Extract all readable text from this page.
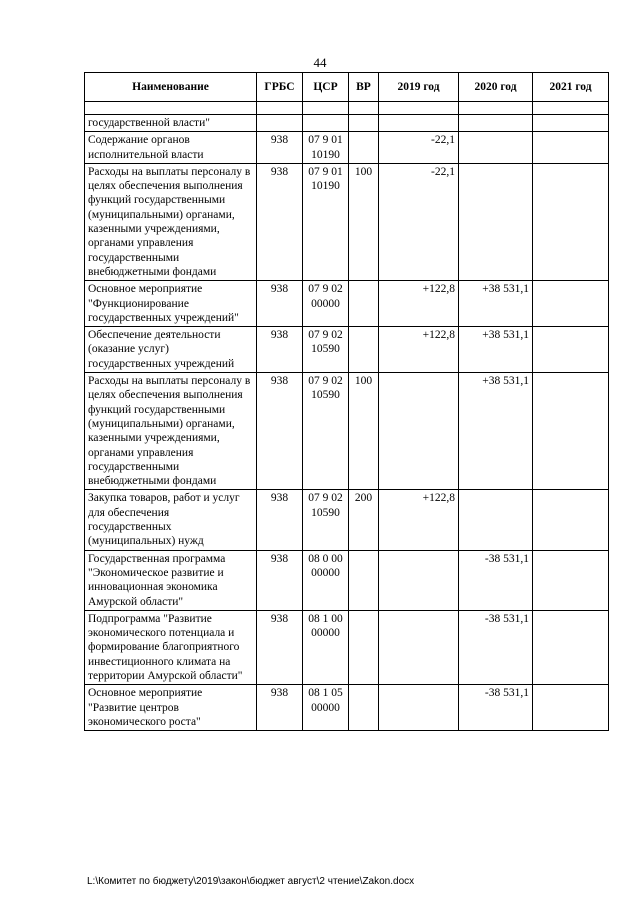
44
Наименование	ГРБС	ЦСР	ВР	2019 год	2020 год	2021 год

государственной власти"						
Содержание органов исполнительной власти	938	07 9 01 10190		-22,1		
Расходы на выплаты персоналу в целях обеспечения выполнения функций государственными (муниципальными) органами, казенными учреждениями, органами управления государственными внебюджетными фондами	938	07 9 01 10190	100	-22,1		
Основное мероприятие "Функционирование государственных учреждений"	938	07 9 02 00000		+122,8	+38 531,1	
Обеспечение деятельности (оказание услуг) государственных учреждений	938	07 9 02 10590		+122,8	+38 531,1	
Расходы на выплаты персоналу в целях обеспечения выполнения функций государственными (муниципальными) органами, казенными учреждениями, органами управления государственными внебюджетными фондами	938	07 9 02 10590	100		+38 531,1	
Закупка товаров, работ и услуг для обеспечения государственных (муниципальных) нужд	938	07 9 02 10590	200	+122,8		
Государственная программа "Экономическое развитие и инновационная экономика Амурской области"	938	08 0 00 00000			-38 531,1	
Подпрограмма "Развитие экономического потенциала и формирование благоприятного инвестиционного климата на территории Амурской области"	938	08 1 00 00000			-38 531,1	
Основное мероприятие "Развитие центров экономического роста"	938	08 1 05 00000			-38 531,1	
L:\Комитет по бюджету\2019\закон\бюджет август\2 чтение\Zakon.docx
